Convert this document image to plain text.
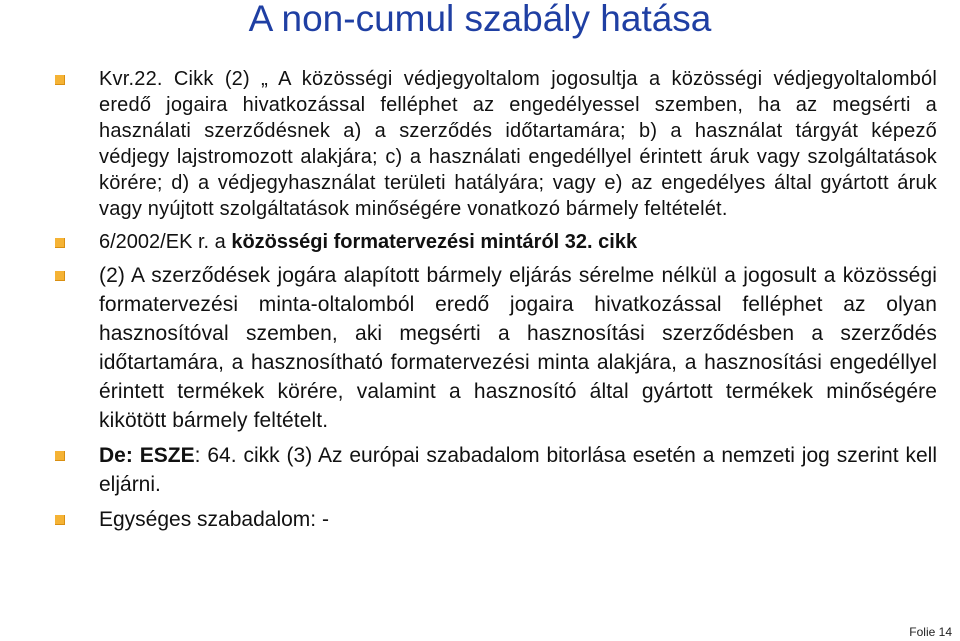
A non-cumul szabály hatása
Kvr.22. Cikk (2) „ A közösségi védjegyoltalom jogosultja a közösségi védjegyoltalomból eredő jogaira hivatkozással felléphet az engedélyessel szemben, ha az megsérti a használati szerződésnek a) a szerződés időtartamára; b) a használat tárgyát képező védjegy lajstromozott alakjára; c) a használati engedéllyel érintett áruk vagy szolgáltatások körére; d) a védjegyhasználat területi hatályára; vagy e) az engedélyes által gyártott áruk vagy nyújtott szolgáltatások minőségére vonatkozó bármely feltételét.
6/2002/EK r. a közösségi formatervezési mintáról 32. cikk
(2) A szerződések jogára alapított bármely eljárás sérelme nélkül a jogosult a közösségi formatervezési minta-oltalomból eredő jogaira hivatkozással felléphet az olyan hasznosítóval szemben, aki megsérti a hasznosítási szerződésben a szerződés időtartamára, a hasznosítható formatervezési minta alakjára, a hasznosítási engedéllyel érintett termékek körére, valamint a hasznosító által gyártott termékek minőségére kikötött bármely feltételt.
De: ESZE: 64. cikk (3) Az európai szabadalom bitorlása esetén a nemzeti jog szerint kell eljárni.
Egységes szabadalom: -
Folie 14
